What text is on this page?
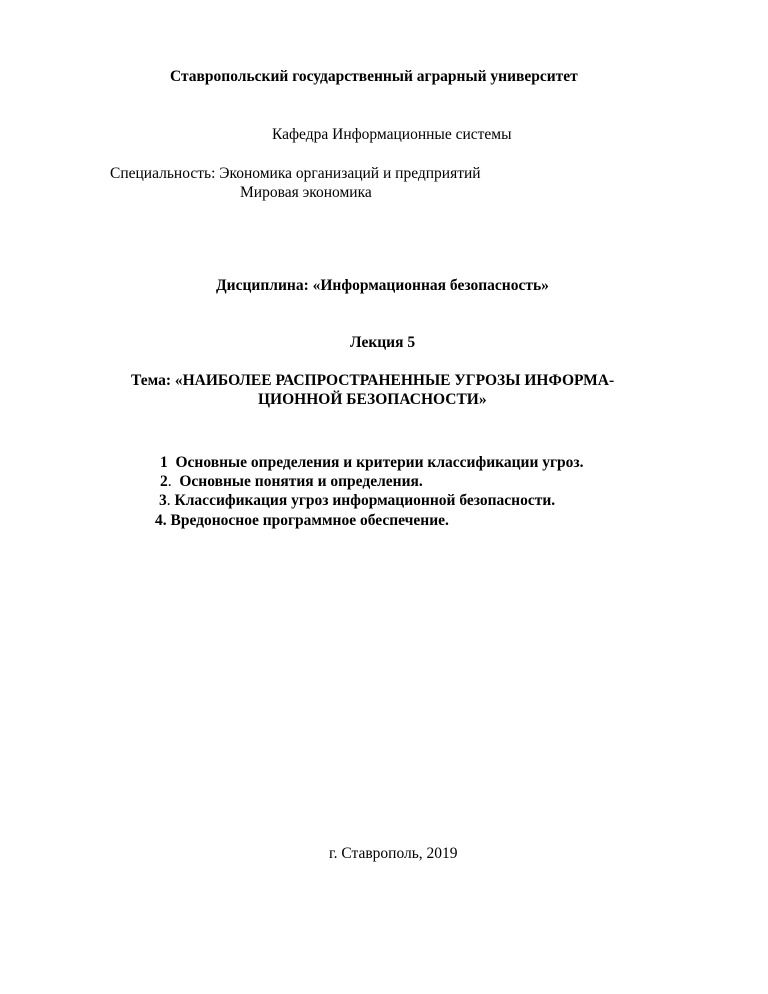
Ставропольский государственный аграрный университет
Кафедра Информационные системы
Специальность: Экономика организаций и предприятий
Мировая экономика
Дисциплина: «Информационная безопасность»
Лекция 5
Тема: «НАИБОЛЕЕ РАСПРОСТРАНЕННЫЕ УГРОЗЫ ИНФОРМА-
ЦИОННОЙ БЕЗОПАСНОСТИ»
1 Основные определения и критерии классификации угроз.
2. Основные понятия и определения.
3. Классификация угроз информационной безопасности.
4. Вредоносное программное обеспечение.
г. Ставрополь, 2019
